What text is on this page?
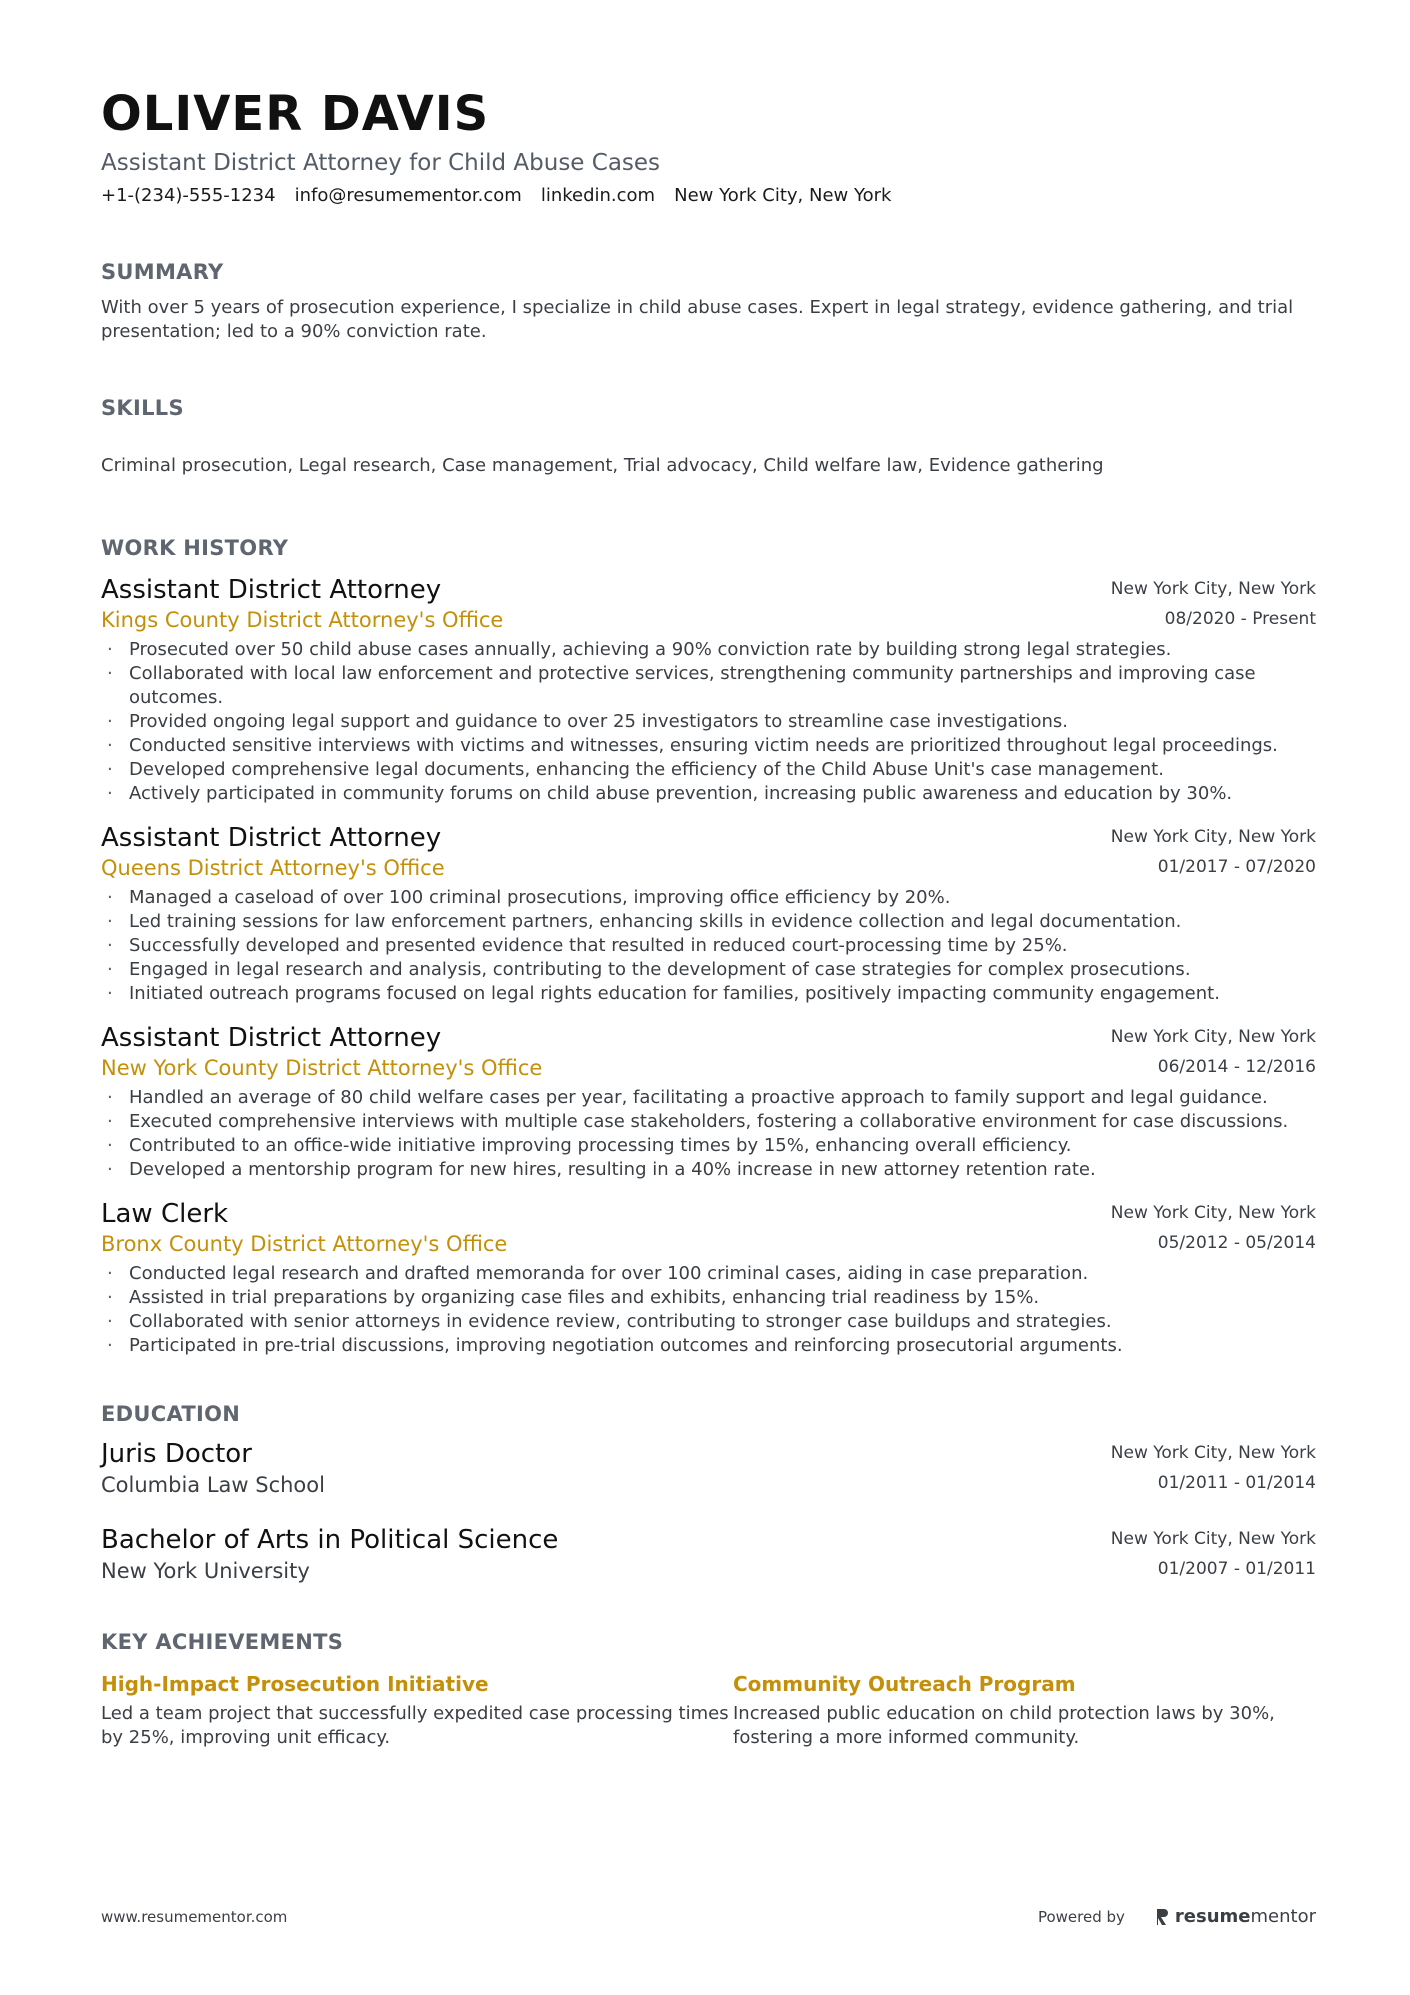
OLIVER DAVIS
Assistant District Attorney for Child Abuse Cases
+1-(234)-555-1234 info@resumementor.com linkedin.com New York City, New York
SUMMARY
With over 5 years of prosecution experience, I specialize in child abuse cases. Expert in legal strategy, evidence gathering, and trial presentation; led to a 90% conviction rate.
SKILLS
Criminal prosecution, Legal research, Case management, Trial advocacy, Child welfare law, Evidence gathering
WORK HISTORY
Assistant District Attorney
Kings County District Attorney's Office
New York City, New York
08/2020 - Present
· Prosecuted over 50 child abuse cases annually, achieving a 90% conviction rate by building strong legal strategies.
· Collaborated with local law enforcement and protective services, strengthening community partnerships and improving case outcomes.
· Provided ongoing legal support and guidance to over 25 investigators to streamline case investigations.
· Conducted sensitive interviews with victims and witnesses, ensuring victim needs are prioritized throughout legal proceedings.
· Developed comprehensive legal documents, enhancing the efficiency of the Child Abuse Unit's case management.
· Actively participated in community forums on child abuse prevention, increasing public awareness and education by 30%.
Assistant District Attorney
Queens District Attorney's Office
New York City, New York
01/2017 - 07/2020
· Managed a caseload of over 100 criminal prosecutions, improving office efficiency by 20%.
· Led training sessions for law enforcement partners, enhancing skills in evidence collection and legal documentation.
· Successfully developed and presented evidence that resulted in reduced court-processing time by 25%.
· Engaged in legal research and analysis, contributing to the development of case strategies for complex prosecutions.
· Initiated outreach programs focused on legal rights education for families, positively impacting community engagement.
Assistant District Attorney
New York County District Attorney's Office
New York City, New York
06/2014 - 12/2016
· Handled an average of 80 child welfare cases per year, facilitating a proactive approach to family support and legal guidance.
· Executed comprehensive interviews with multiple case stakeholders, fostering a collaborative environment for case discussions.
· Contributed to an office-wide initiative improving processing times by 15%, enhancing overall efficiency.
· Developed a mentorship program for new hires, resulting in a 40% increase in new attorney retention rate.
Law Clerk
Bronx County District Attorney's Office
New York City, New York
05/2012 - 05/2014
· Conducted legal research and drafted memoranda for over 100 criminal cases, aiding in case preparation.
· Assisted in trial preparations by organizing case files and exhibits, enhancing trial readiness by 15%.
· Collaborated with senior attorneys in evidence review, contributing to stronger case buildups and strategies.
· Participated in pre-trial discussions, improving negotiation outcomes and reinforcing prosecutorial arguments.
EDUCATION
Juris Doctor
Columbia Law School
New York City, New York
01/2011 - 01/2014
Bachelor of Arts in Political Science
New York University
New York City, New York
01/2007 - 01/2011
KEY ACHIEVEMENTS
High-Impact Prosecution Initiative
Led a team project that successfully expedited case processing times by 25%, improving unit efficacy.
Community Outreach Program
Increased public education on child protection laws by 30%, fostering a more informed community.
www.resumementor.com	Powered by	resumementor
